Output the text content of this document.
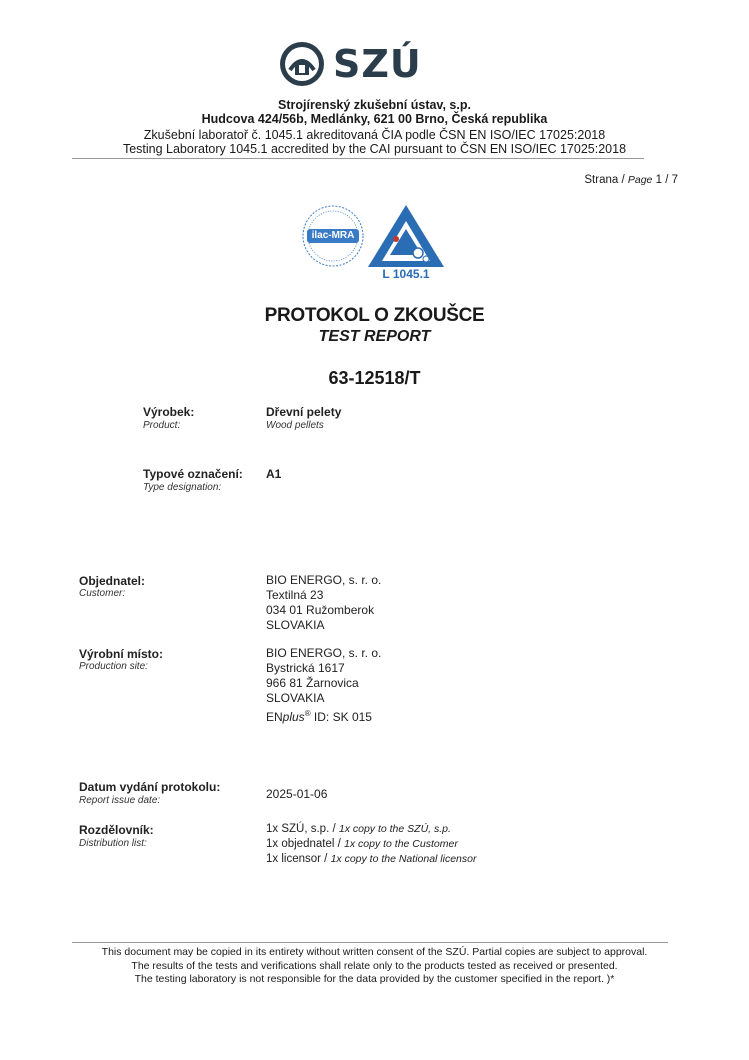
SZÚ
Strojírenský zkušební ústav, s.p.
Hudcova 424/56b, Medlánky, 621 00 Brno, Česká republika
Zkušební laboratoř č. 1045.1 akreditovaná ČIA podle ČSN EN ISO/IEC 17025:2018
Testing Laboratory 1045.1 accredited by the CAI pursuant to ČSN EN ISO/IEC 17025:2018
Strana / Page 1 / 7
ilac-MRA
L 1045.1
PROTOKOL O ZKOUŠCE
TEST REPORT
63-12518/T
Výrobek:
Product:
Dřevní pelety
Wood pellets
Typové označení:
Type designation:
A1
Objednatel:
Customer:
BIO ENERGO, s. r. o.
Textilná 23
034 01 Ružomberok
SLOVAKIA
Výrobní místo:
Production site:
BIO ENERGO, s. r. o.
Bystrická 1617
966 81 Žarnovica
SLOVAKIA
ENplus® ID: SK 015
Datum vydání protokolu:
Report issue date:	2025-01-06
Rozdělovník:
Distribution list:
1x SZÚ, s.p. / 1x copy to the SZÚ, s.p.
1x objednatel / 1x copy to the Customer
1x licensor / 1x copy to the National licensor
This document may be copied in its entirety without written consent of the SZÚ. Partial copies are subject to approval.
The results of the tests and verifications shall relate only to the products tested as received or presented.
The testing laboratory is not responsible for the data provided by the customer specified in the report. )*
